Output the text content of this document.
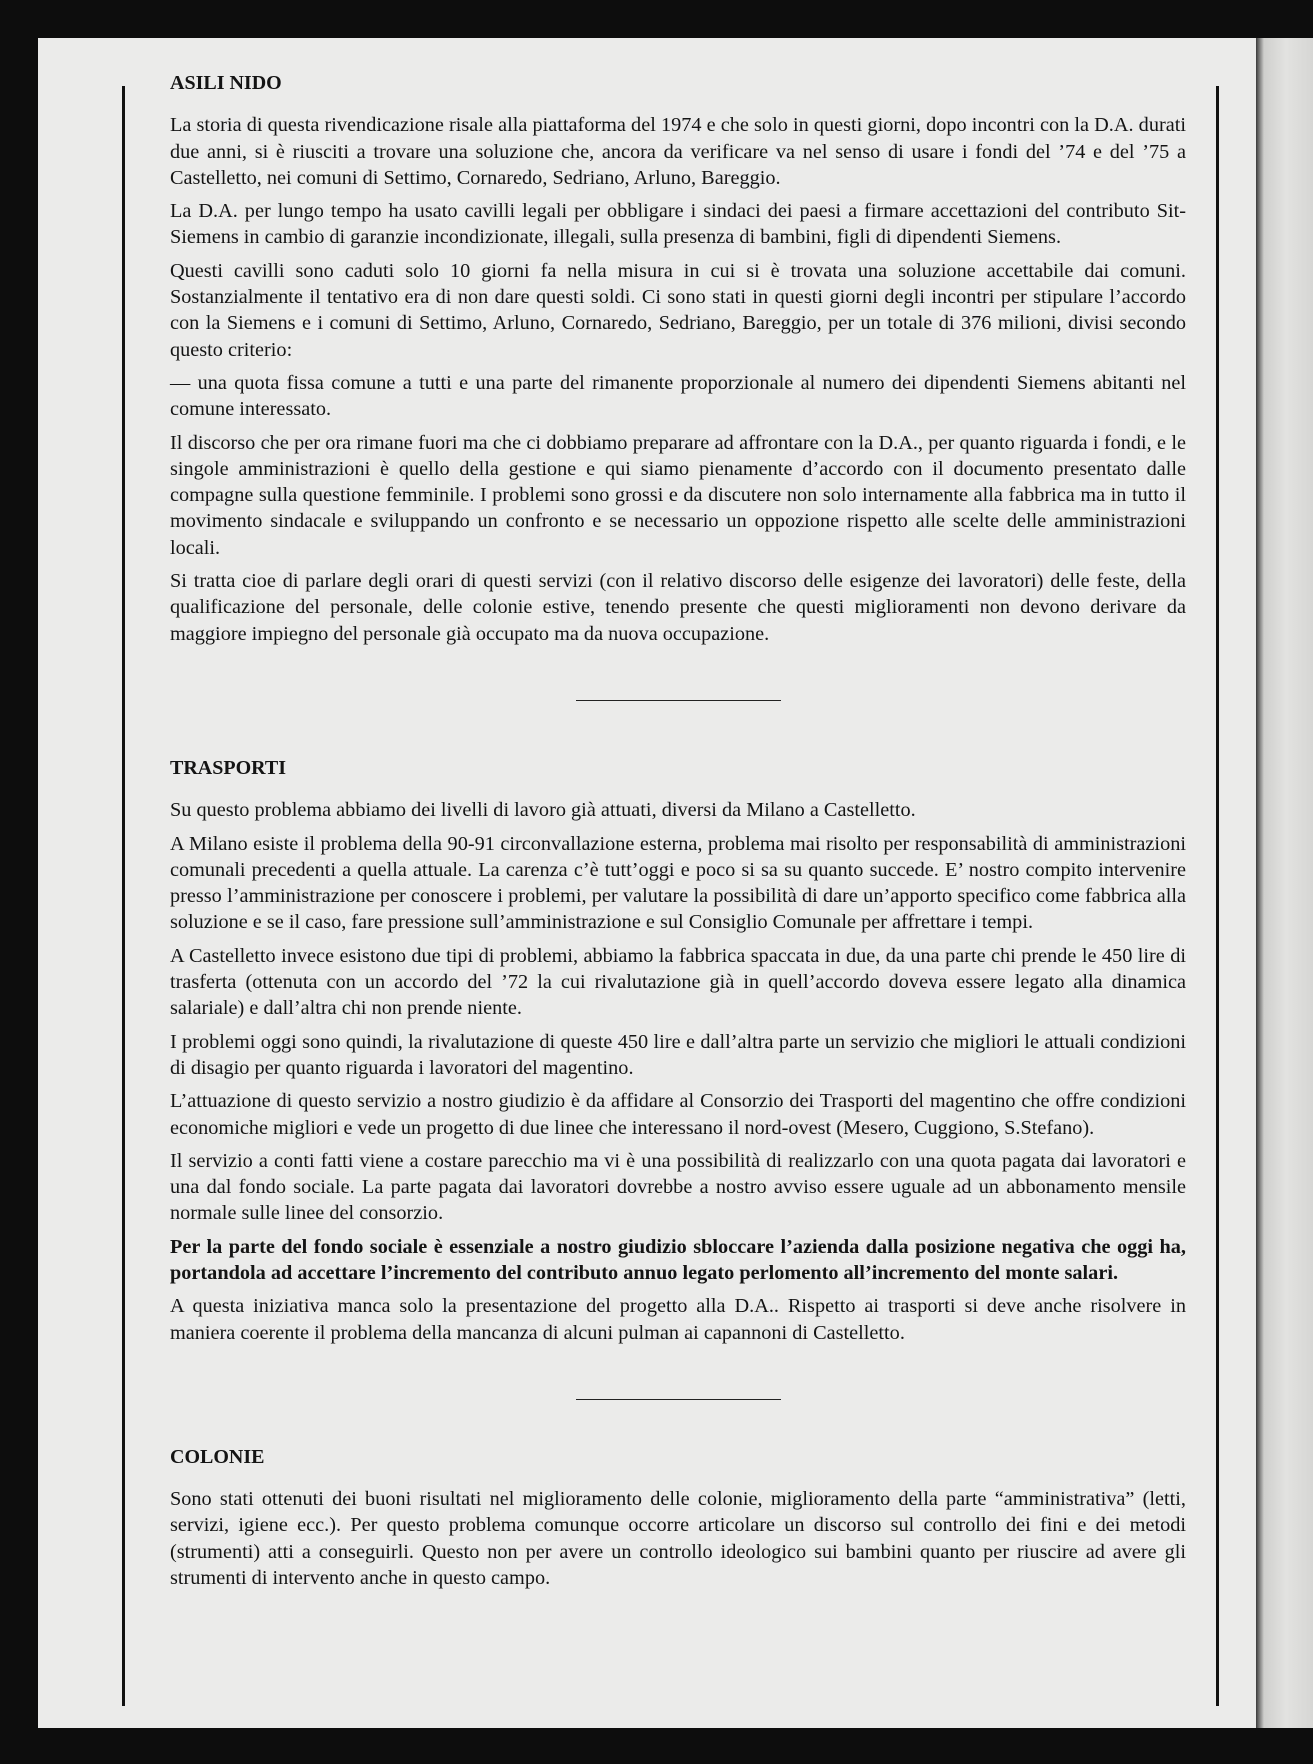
ASILI NIDO

La storia di questa rivendicazione risale alla piattaforma del 1974 e che solo in questi giorni, dopo incontri con la D.A. durati due anni, si è riusciti a trovare una soluzione che, ancora da verificare va nel senso di usare i fondi del ’74 e del ’75 a Castelletto, nei comuni di Settimo, Cornaredo, Sedriano, Arluno, Bareggio.

La D.A. per lungo tempo ha usato cavilli legali per obbligare i sindaci dei paesi a firmare accettazioni del contributo Sit-Siemens in cambio di garanzie incondizionate, illegali, sulla presenza di bambini, figli di dipendenti Siemens.

Questi cavilli sono caduti solo 10 giorni fa nella misura in cui si è trovata una soluzione accettabile dai comuni. Sostanzialmente il tentativo era di non dare questi soldi. Ci sono stati in questi giorni degli incontri per stipulare l’accordo con la Siemens e i comuni di Settimo, Arluno, Cornaredo, Sedriano, Bareggio, per un totale di 376 milioni, divisi secondo questo criterio:

— una quota fissa comune a tutti e una parte del rimanente proporzionale al numero dei dipendenti Siemens abitanti nel comune interessato.

Il discorso che per ora rimane fuori ma che ci dobbiamo preparare ad affrontare con la D.A., per quanto riguarda i fondi, e le singole amministrazioni è quello della gestione e qui siamo pienamente d’accordo con il documento presentato dalle compagne sulla questione femminile. I problemi sono grossi e da discutere non solo internamente alla fabbrica ma in tutto il movimento sindacale e sviluppando un confronto e se necessario un oppozione rispetto alle scelte delle amministrazioni locali.

Si tratta cioe di parlare degli orari di questi servizi (con il relativo discorso delle esigenze dei lavoratori) delle feste, della qualificazione del personale, delle colonie estive, tenendo presente che questi miglioramenti non devono derivare da maggiore impiegno del personale già occupato ma da nuova occupazione.

TRASPORTI

Su questo problema abbiamo dei livelli di lavoro già attuati, diversi da Milano a Castelletto.

A Milano esiste il problema della 90-91 circonvallazione esterna, problema mai risolto per responsabilità di amministrazioni comunali precedenti a quella attuale. La carenza c’è tutt’oggi e poco si sa su quanto succede. E’ nostro compito intervenire presso l’amministrazione per conoscere i problemi, per valutare la possibilità di dare un’apporto specifico come fabbrica alla soluzione e se il caso, fare pressione sull’amministrazione e sul Consiglio Comunale per affrettare i tempi.

A Castelletto invece esistono due tipi di problemi, abbiamo la fabbrica spaccata in due, da una parte chi prende le 450 lire di trasferta (ottenuta con un accordo del ’72 la cui rivalutazione già in quell’accordo doveva essere legato alla dinamica salariale) e dall’altra chi non prende niente.

I problemi oggi sono quindi, la rivalutazione di queste 450 lire e dall’altra parte un servizio che migliori le attuali condizioni di disagio per quanto riguarda i lavoratori del magentino.

L’attuazione di questo servizio a nostro giudizio è da affidare al Consorzio dei Trasporti del magentino che offre condizioni economiche migliori e vede un progetto di due linee che interessano il nord-ovest (Mesero, Cuggiono, S.Stefano).

Il servizio a conti fatti viene a costare parecchio ma vi è una possibilità di realizzarlo con una quota pagata dai lavoratori e una dal fondo sociale. La parte pagata dai lavoratori dovrebbe a nostro avviso essere uguale ad un abbonamento mensile normale sulle linee del consorzio.

Per la parte del fondo sociale è essenziale a nostro giudizio sbloccare l’azienda dalla posizione negativa che oggi ha, portandola ad accettare l’incremento del contributo annuo legato perlomento all’incremento del monte salari.

A questa iniziativa manca solo la presentazione del progetto alla D.A.. Rispetto ai trasporti si deve anche risolvere in maniera coerente il problema della mancanza di alcuni pulman ai capannoni di Castelletto.

COLONIE

Sono stati ottenuti dei buoni risultati nel miglioramento delle colonie, miglioramento della parte “amministrativa” (letti, servizi, igiene ecc.). Per questo problema comunque occorre articolare un discorso sul controllo dei fini e dei metodi (strumenti) atti a conseguirli. Questo non per avere un controllo ideologico sui bambini quanto per riuscire ad avere gli strumenti di intervento anche in questo campo.
